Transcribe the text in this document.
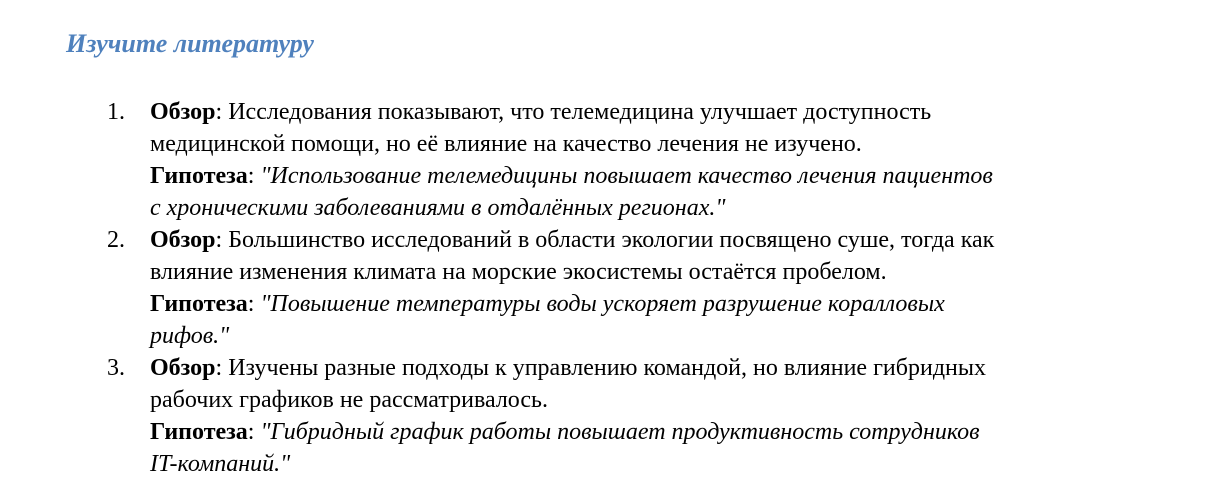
Изучите литературу
1.	Обзор: Исследования показывают, что телемедицина улучшает доступность
медицинской помощи, но её влияние на качество лечения не изучено.
Гипотеза: "Использование телемедицины повышает качество лечения пациентов
с хроническими заболеваниями в отдалённых регионах."
2.	Обзор: Большинство исследований в области экологии посвящено суше, тогда как
влияние изменения климата на морские экосистемы остаётся пробелом.
Гипотеза: "Повышение температуры воды ускоряет разрушение коралловых
рифов."
3.	Обзор: Изучены разные подходы к управлению командой, но влияние гибридных
рабочих графиков не рассматривалось.
Гипотеза: "Гибридный график работы повышает продуктивность сотрудников
IT-компаний."
